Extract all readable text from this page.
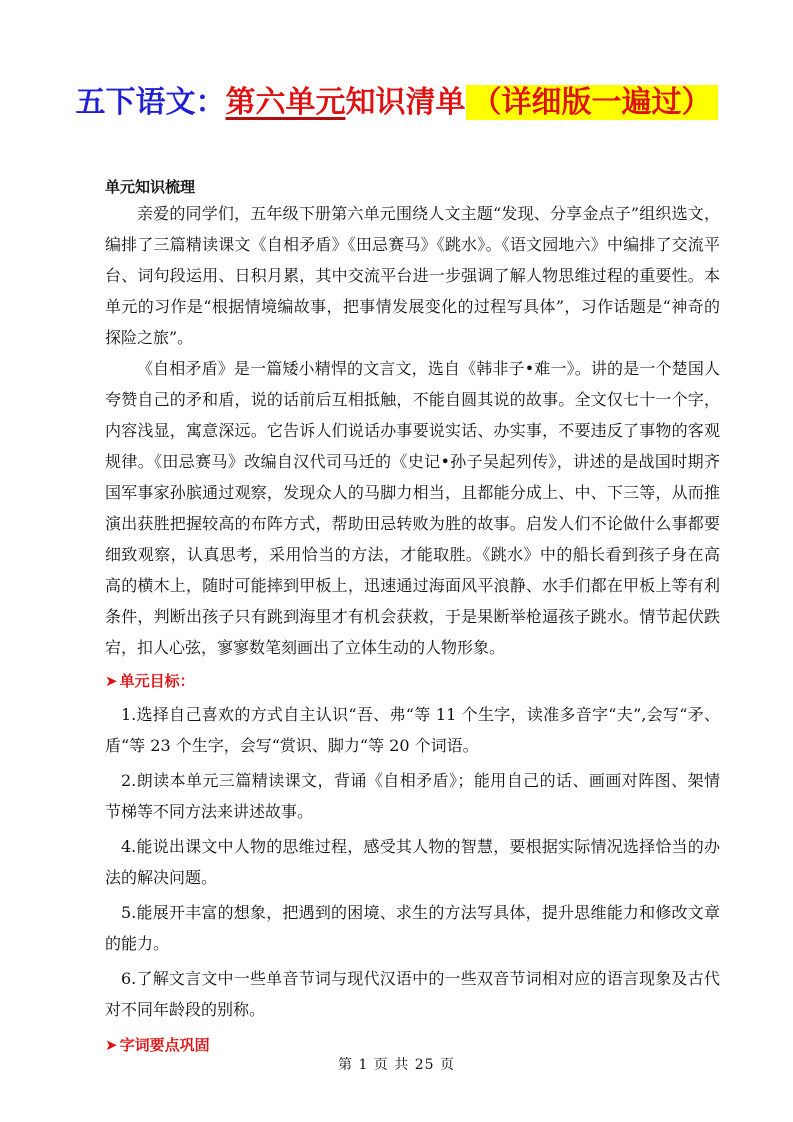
五下语文：第六单元知识清单 （详细版一遍过）

单元知识梳理

亲爱的同学们，五年级下册第六单元围绕人文主题“发现、分享金点子”组织选文，编排了三篇精读课文《自相矛盾》《田忌赛马》《跳水》。《语文园地六》中编排了交流平台、词句段运用、日积月累，其中交流平台进一步强调了解人物思维过程的重要性。本单元的习作是“根据情境编故事，把事情发展变化的过程写具体”，习作话题是“神奇的探险之旅”。

《自相矛盾》是一篇矮小精悍的文言文，选自《韩非子•难一》。讲的是一个楚国人夸赞自己的矛和盾，说的话前后互相抵触，不能自圆其说的故事。全文仅七十一个字，内容浅显，寓意深远。它告诉人们说话办事要说实话、办实事，不要违反了事物的客观规律。《田忌赛马》改编自汉代司马迁的《史记•孙子吴起列传》，讲述的是战国时期齐国军事家孙膑通过观察，发现众人的马脚力相当，且都能分成上、中、下三等，从而推演出获胜把握较高的布阵方式，帮助田忌转败为胜的故事。启发人们不论做什么事都要细致观察，认真思考，采用恰当的方法，才能取胜。《跳水》中的船长看到孩子身在高高的横木上，随时可能摔到甲板上，迅速通过海面风平浪静、水手们都在甲板上等有利条件，判断出孩子只有跳到海里才有机会获救，于是果断举枪逼孩子跳水。情节起伏跌宕，扣人心弦，寥寥数笔刻画出了立体生动的人物形象。

➤ 单元目标：

1.选择自己喜欢的方式自主认识“吾、弗“等 11 个生字，读准多音字“夫”,会写“矛、盾“等 23 个生字，会写“赏识、脚力“等 20 个词语。

2.朗读本单元三篇精读课文，背诵《自相矛盾》；能用自己的话、画画对阵图、架情节梯等不同方法来讲述故事。

4.能说出课文中人物的思维过程，感受其人物的智慧，要根据实际情况选择恰当的办法的解决问题。

5.能展开丰富的想象，把遇到的困境、求生的方法写具体，提升思维能力和修改文章的能力。

6.了解文言文中一些单音节词与现代汉语中的一些双音节词相对应的语言现象及古代对不同年龄段的别称。

➤ 字词要点巩固

第 1 页 共 25 页
